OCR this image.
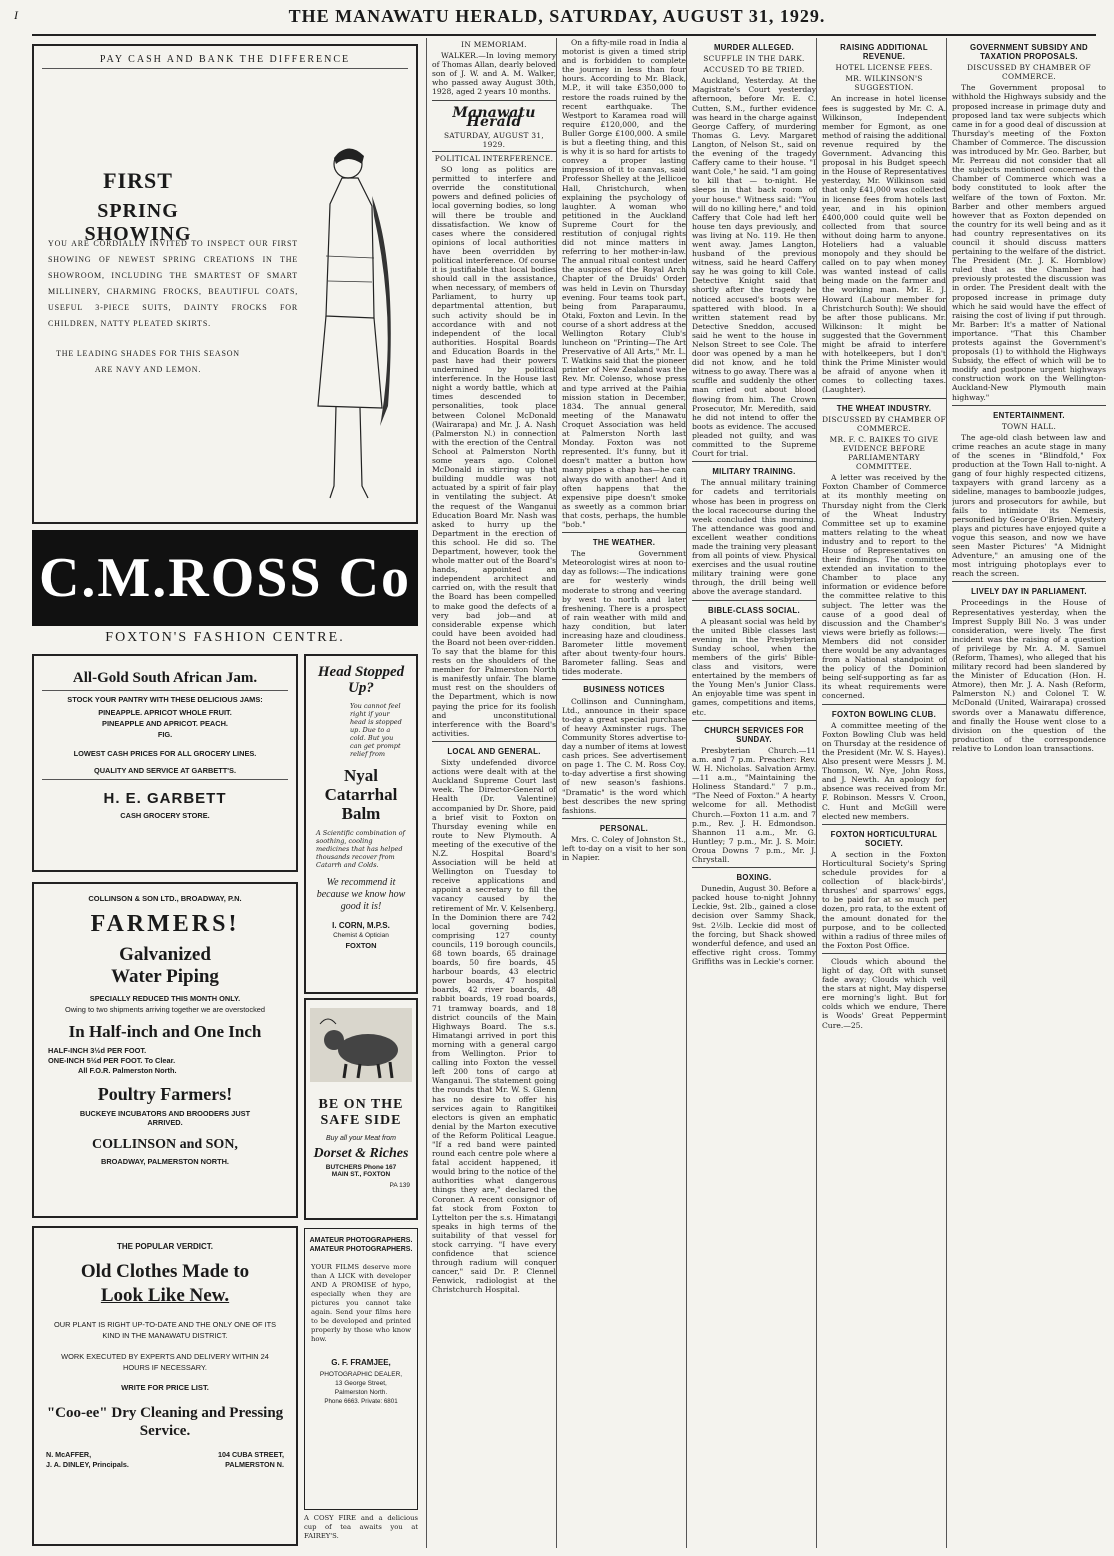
I	THE MANAWATU HERALD, SATURDAY, AUGUST 31, 1929.
PAY CASH AND BANK THE DIFFERENCE
FIRST
SPRING SHOWING
YOU ARE CORDIALLY INVITED TO INSPECT OUR FIRST SHOWING OF NEWEST SPRING CREATIONS IN THE SHOWROOM, INCLUDING THE SMARTEST OF SMART MILLINERY, CHARMING FROCKS, BEAUTIFUL COATS, USEFUL 3-PIECE SUITS, DAINTY FROCKS FOR CHILDREN, NATTY PLEATED SKIRTS.
THE LEADING SHADES FOR THIS SEASON ARE NAVY AND LEMON.
C.M.ROSS Co
FOXTON'S FASHION CENTRE.
All-Gold South African Jam.
STOCK YOUR PANTRY WITH THESE DELICIOUS JAMS:
PINEAPPLE. APRICOT WHOLE FRUIT.
PINEAPPLE AND APRICOT. PEACH.
FIG.
LOWEST CASH PRICES FOR ALL GROCERY LINES.
QUALITY AND SERVICE AT GARBETT'S.
H. E. GARBETT
CASH GROCERY STORE.
Head Stopped Up?
You cannot feel right if your head is stopped up. Due to a cold. But you can get prompt relief from
Nyal Catarrhal Balm
A Scientific combination of soothing, cooling medicines that has helped thousands recover from Catarrh and Colds.
We recommend it because we know how good it is!
I. CORN, M.P.S.
Chemist & Optician
FOXTON
COLLINSON & SON LTD., BROADWAY, P.N.
FARMERS!
Galvanized
Water Piping
SPECIALLY REDUCED THIS MONTH ONLY.
Owing to two shipments arriving together we are overstocked
In Half-inch and One Inch
HALF-INCH 3½d PER FOOT.
ONE-INCH 5½d PER FOOT. To Clear.
All F.O.R. Palmerston North.
Poultry Farmers!
BUCKEYE INCUBATORS AND BROODERS JUST ARRIVED.
COLLINSON and SON,
BROADWAY, PALMERSTON NORTH.
BE ON THE
SAFE SIDE
Buy all your Meat from
Dorset & Riches
BUTCHERS Phone 167
MAIN ST., FOXTON
PA 139
THE POPULAR VERDICT.
Old Clothes Made to
Look Like New.
OUR PLANT IS RIGHT UP-TO-DATE AND THE ONLY ONE OF ITS KIND IN THE MANAWATU DISTRICT.
WORK EXECUTED BY EXPERTS AND DELIVERY WITHIN 24 HOURS IF NECESSARY.
WRITE FOR PRICE LIST.
"Coo-ee" Dry Cleaning and Pressing Service.
N. McAFFER,
J. A. DINLEY, Principals.
104 CUBA STREET,
PALMERSTON N.
AMATEUR PHOTOGRAPHERS.
AMATEUR PHOTOGRAPHERS.
YOUR FILMS deserve more than A LICK with developer AND A PROMISE of hypo, especially when they are pictures you cannot take again. Send your films here to be developed and printed properly by those who know how.
G. F. FRAMJEE,
PHOTOGRAPHIC DEALER,
13 George Street,
Palmerston North.
Phone 6663. Private: 6801
A COSY FIRE and a delicious cup of tea awaits you at FAIREY'S.
IN MEMORIAM.

WALKER.—In loving memory of Thomas Allan, dearly beloved son of J. W. and A. M. Walker, who passed away August 30th, 1928, aged 2 years 10 months.

Manawatu Herald
SATURDAY, AUGUST 31, 1929.
POLITICAL INTERFERENCE.

SO long as politics are permitted to interfere and override the constitutional powers and defined policies of local governing bodies, so long will there be trouble and dissatisfaction. We know of cases where the considered opinions of local authorities have been overridden by political interference. Of course it is justifiable that local bodies should call in the assistance, when necessary, of members of Parliament, to hurry up departmental attention, but such activity should be in accordance with and not independent of the local authorities. Hospital Boards and Education Boards in the past have had their powers undermined by political interference. In the House last night a wordy battle, which at times descended to personalities, took place between Colonel McDonald (Wairarapa) and Mr. J. A. Nash (Palmerston N.) in connection with the erection of the Central School at Palmerston North some years ago. Colonel McDonald in stirring up that building muddle was not actuated by a spirit of fair play in ventilating the subject. At the request of the Wanganui Education Board Mr. Nash was asked to hurry up the Department in the erection of this school. He did so. The Department, however, took the whole matter out of the Board's hands, appointed an independent architect and carried on, with the result that the Board has been compelled to make good the defects of a very bad job—and at considerable expense which could have been avoided had the Board not been over-ridden. To say that the blame for this rests on the shoulders of the member for Palmerston North is manifestly unfair. The blame must rest on the shoulders of the Department, which is now paying the price for its foolish and unconstitutional interference with the Board's activities.

LOCAL AND GENERAL.

Sixty undefended divorce actions were dealt with at the Auckland Supreme Court last week. The Director-General of Health (Dr. Valentine) accompanied by Dr. Shore, paid a brief visit to Foxton on Thursday evening while en route to New Plymouth. A meeting of the executive of the N.Z. Hospital Board's Association will be held at Wellington on Tuesday to receive applications and appoint a secretary to fill the vacancy caused by the retirement of Mr. V. Kelsenberg. In the Dominion there are 742 local governing bodies, comprising 127 county councils, 119 borough councils, 68 town boards, 65 drainage boards, 50 fire boards, 45 harbour boards, 43 electric power boards, 47 hospital boards, 42 river boards, 48 rabbit boards, 19 road boards, 71 tramway boards, and 18 district councils of the Main Highways Board. The s.s. Himatangi arrived in port this morning with a general cargo from Wellington. Prior to calling into Foxton the vessel left 200 tons of cargo at Wanganui. The statement going the rounds that Mr. W. S. Glenn has no desire to offer his services again to Rangitikei electors is given an emphatic denial by the Marton executive of the Reform Political League. "If a red band were painted round each centre pole where a fatal accident happened, it would bring to the notice of the authorities what dangerous things they are," declared the Coroner. A recent consignor of fat stock from Foxton to Lyttelton per the s.s. Himatangi speaks in high terms of the suitability of that vessel for stock carrying. "I have every confidence that science through radium will conquer cancer," said Dr. P. Clennel Fenwick, radiologist at the Christchurch Hospital.

On a fifty-mile road in India a motorist is given a timed strip and is forbidden to complete the journey in less than four hours. According to Mr. Black, M.P., it will take £350,000 to restore the roads ruined by the recent earthquake. The Westport to Karamea road will require £120,000, and the Buller Gorge £100,000. A smile is but a fleeting thing, and this is why it is so hard for artists to convey a proper lasting impression of it to canvas, said Professor Shelley at the Jellicoe Hall, Christchurch, when explaining the psychology of laughter. A woman who petitioned in the Auckland Supreme Court for the restitution of conjugal rights did not mince matters in referring to her mother-in-law. The annual ritual contest under the auspices of the Royal Arch Chapter of the Druids' Order was held in Levin on Thursday evening. Four teams took part, being from Paraparaumu, Otaki, Foxton and Levin. In the course of a short address at the Wellington Rotary Club's luncheon on "Printing—The Art Preservative of All Arts," Mr. L. T. Watkins said that the pioneer printer of New Zealand was the Rev. Mr. Colenso, whose press and type arrived at the Paihia mission station in December, 1834. The annual general meeting of the Manawatu Croquet Association was held at Palmerston North last Monday. Foxton was not represented. It's funny, but it doesn't matter a button how many pipes a chap has—he can always do with another! And it often happens that the expensive pipe doesn't smoke as sweetly as a common briar that costs, perhaps, the humble "bob."

THE WEATHER.

The Government Meteorologist wires at noon to-day as follows:—The indications are for westerly winds moderate to strong and veering by west to north and later freshening. There is a prospect of rain weather with mild and hazy condition, but later increasing haze and cloudiness. Barometer little movement after about twenty-four hours. Barometer falling. Seas and tides moderate.

BUSINESS NOTICES

Collinson and Cunningham, Ltd., announce in their space to-day a great special purchase of heavy Axminster rugs. The Community Stores advertise to-day a number of items at lowest cash prices. See advertisement on page 1. The C. M. Ross Coy. to-day advertise a first showing of new season's fashions. "Dramatic" is the word which best describes the new spring fashions.

PERSONAL.

Mrs. C. Coley of Johnston St., left to-day on a visit to her son in Napier.

MURDER ALLEGED.
SCUFFLE IN THE DARK.
ACCUSED TO BE TRIED.

Auckland, Yesterday. At the Magistrate's Court yesterday afternoon, before Mr. E. C. Cutten, S.M., further evidence was heard in the charge against George Caffery, of murdering Thomas G. Levy. Margaret Langton, of Nelson St., said on the evening of the tragedy Caffery came to their house. "I want Cole," he said. "I am going to kill that — to-night. He sleeps in that back room of your house." Witness said: "You will do no killing here," and told Caffery that Cole had left her house ten days previously, and was living at No. 119. He then went away. James Langton, husband of the previous witness, said he heard Caffery say he was going to kill Cole. Detective Knight said that shortly after the tragedy he noticed accused's boots were spattered with blood. In a written statement read by Detective Sneddon, accused said he went to the house in Nelson Street to see Cole. The door was opened by a man he did not know, and he told witness to go away. There was a scuffle and suddenly the other man cried out about blood flowing from him. The Crown Prosecutor, Mr. Meredith, said he did not intend to offer the boots as evidence. The accused pleaded not guilty, and was committed to the Supreme Court for trial.

MILITARY TRAINING.

The annual military training for cadets and territorials whose has been in progress on the local racecourse during the week concluded this morning. The attendance was good and excellent weather conditions made the training very pleasant from all points of view. Physical exercises and the usual routine military training were gone through, the drill being well above the average standard.

BIBLE-CLASS SOCIAL.

A pleasant social was held by the united Bible classes last evening in the Presbyterian Sunday school, when the members of the girls' Bible-class and visitors, were entertained by the members of the Young Men's Junior Class. An enjoyable time was spent in games, competitions and items, etc.

CHURCH SERVICES FOR SUNDAY.

Presbyterian Church.—11 a.m. and 7 p.m. Preacher: Rev. W. H. Nicholas. Salvation Army.—11 a.m., "Maintaining the Holiness Standard." 7 p.m., "The Need of Foxton." A hearty welcome for all. Methodist Church.—Foxton 11 a.m. and 7 p.m., Rev. J. H. Edmondson. Shannon 11 a.m., Mr. G. Huntley; 7 p.m., Mr. J. S. Moir. Oroua Downs 7 p.m., Mr. J. Chrystall.

BOXING.

Dunedin, August 30. Before a packed house to-night Johnny Leckie, 9st. 2lb., gained a close decision over Sammy Shack, 9st. 2½lb. Leckie did most of the forcing, but Shack showed wonderful defence, and used an effective right cross. Tommy Griffiths was in Leckie's corner.

GOVERNMENT SUBSIDY AND TAXATION PROPOSALS.
DISCUSSED BY CHAMBER OF COMMERCE.

The Government proposal to withhold the Highways subsidy and the proposed increase in primage duty and proposed land tax were subjects which came in for a good deal of discussion at Thursday's meeting of the Foxton Chamber of Commerce. The discussion was introduced by Mr. Geo. Barber, but Mr. Perreau did not consider that all the subjects mentioned concerned the Chamber of Commerce which was a body constituted to look after the welfare of the town of Foxton. Mr. Barber and other members argued however that as Foxton depended on the country for its well being and as it had country representatives on its council it should discuss matters pertaining to the welfare of the district. The President (Mr. J. K. Hornblow) ruled that as the Chamber had previously protested the discussion was in order. The President dealt with the proposed increase in primage duty which he said would have the effect of raising the cost of living if put through. Mr. Barber: It's a matter of National importance. "That this Chamber protests against the Government's proposals (1) to withhold the Highways Subsidy, the effect of which will be to modify and postpone urgent highways construction work on the Wellington-Auckland-New Plymouth main highway."

ENTERTAINMENT.
TOWN HALL.

The age-old clash between law and crime reaches an acute stage in many of the scenes in "Blindfold," Fox production at the Town Hall to-night. A gang of four highly respected citizens, taxpayers with grand larceny as a sideline, manages to bamboozle judges, jurors and prosecutors for awhile, but fails to intimidate its Nemesis, personified by George O'Brien. Mystery plays and pictures have enjoyed quite a vogue this season, and now we have seen Master Pictures' "A Midnight Adventure," an amusing one of the most intriguing photoplays ever to reach the screen.

LIVELY DAY IN PARLIAMENT.

Proceedings in the House of Representatives yesterday, when the Imprest Supply Bill No. 3 was under consideration, were lively. The first incident was the raising of a question of privilege by Mr. A. M. Samuel (Reform, Thames), who alleged that his military record had been slandered by the Minister of Education (Hon. H. Atmore), then Mr. J. A. Nash (Reform, Palmerston N.) and Colonel T. W. McDonald (United, Wairarapa) crossed swords over a Manawatu difference, and finally the House went close to a division on the question of the production of the correspondence relative to London loan transactions.

RAISING ADDITIONAL REVENUE.
HOTEL LICENSE FEES.
MR. WILKINSON'S SUGGESTION.

An increase in hotel license fees is suggested by Mr. C. A. Wilkinson, Independent member for Egmont, as one method of raising the additional revenue required by the Government. Advancing this proposal in his Budget speech in the House of Representatives yesterday, Mr. Wilkinson said that only £41,000 was collected in license fees from hotels last year, and in his opinion £400,000 could quite well be collected from that source without doing harm to anyone. Hoteliers had a valuable monopoly and they should be called on to pay when money was wanted instead of calls being made on the farmer and the working man. Mr. E. J. Howard (Labour member for Christchurch South): We should be after those publicans. Mr. Wilkinson: It might be suggested that the Government might be afraid to interfere with hotelkeepers, but I don't think the Prime Minister would be afraid of anyone when it comes to collecting taxes. (Laughter).

THE WHEAT INDUSTRY.
DISCUSSED BY CHAMBER OF COMMERCE.
MR. F. C. BAIKES TO GIVE EVIDENCE BEFORE PARLIAMENTARY COMMITTEE.

A letter was received by the Foxton Chamber of Commerce at its monthly meeting on Thursday night from the Clerk of the Wheat Industry Committee set up to examine matters relating to the wheat industry and to report to the House of Representatives on their findings. The committee extended an invitation to the Chamber to place any information or evidence before the committee relative to this subject. The letter was the cause of a good deal of discussion and the Chamber's views were briefly as follows:— Members did not consider there would be any advantages from a National standpoint of the policy of the Dominion being self-supporting as far as its wheat requirements were concerned.

FOXTON BOWLING CLUB.

A committee meeting of the Foxton Bowling Club was held on Thursday at the residence of the President (Mr. W. S. Hayes). Also present were Messrs J. M. Thomson, W. Nye, John Ross, and J. Newth. An apology for absence was received from Mr. F. Robinson. Messrs V. Croon, C. Hunt and McGill were elected new members.

FOXTON HORTICULTURAL SOCIETY.

A section in the Foxton Horticultural Society's Spring schedule provides for a collection of black-birds', thrushes' and sparrows' eggs, to be paid for at so much per dozen, pro rata, to the extent of the amount donated for the purpose, and to be collected within a radius of three miles of the Foxton Post Office.

Clouds which abound the light of day, Oft with sunset fade away; Clouds which veil the stars at night, May disperse ere morning's light. But for colds which we endure, There is Woods' Great Peppermint Cure.—25.
